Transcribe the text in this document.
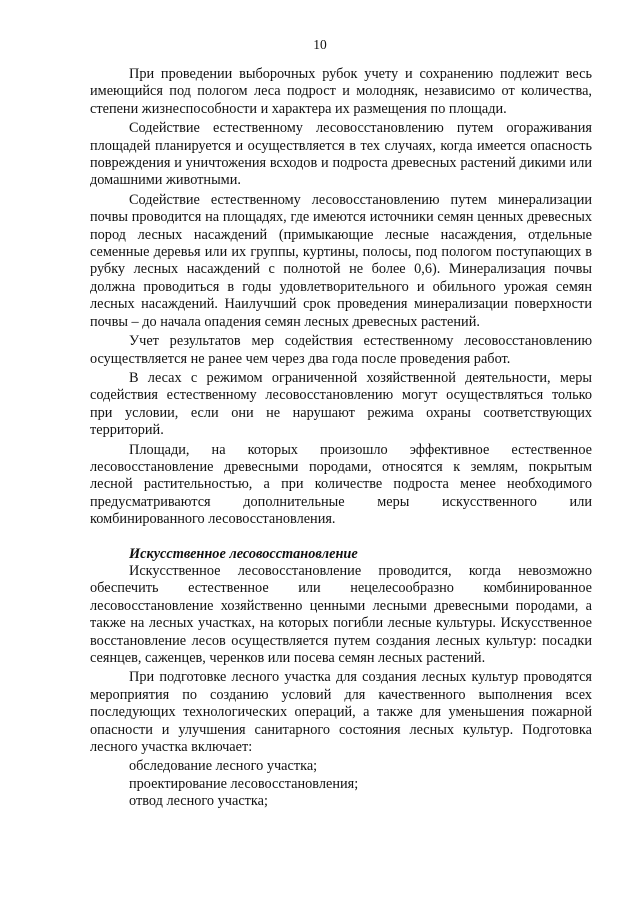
10

При проведении выборочных рубок учету и сохранению подлежит весь имеющийся под пологом леса подрост и молодняк, независимо от количества, степени жизнеспособности и характера их размещения по площади.

Содействие естественному лесовосстановлению путем огораживания площадей планируется и осуществляется в тех случаях, когда имеется опасность повреждения и уничтожения всходов и подроста древесных растений дикими или домашними животными.

Содействие естественному лесовосстановлению путем минерализации почвы проводится на площадях, где имеются источники семян ценных древесных пород лесных насаждений (примыкающие лесные насаждения, отдельные семенные деревья или их группы, куртины, полосы, под пологом поступающих в рубку лесных насаждений с полнотой не более 0,6). Минерализация почвы должна проводиться в годы удовлетворительного и обильного урожая семян лесных насаждений. Наилучший срок проведения минерализации поверхности почвы – до начала опадения семян лесных древесных растений.

Учет результатов мер содействия естественному лесовосстановлению осуществляется не ранее чем через два года после проведения работ.

В лесах с режимом ограниченной хозяйственной деятельности, меры содействия естественному лесовосстановлению могут осуществляться только при условии, если они не нарушают режима охраны соответствующих территорий.

Площади, на которых произошло эффективное естественное лесовосстановление древесными породами, относятся к землям, покрытым лесной растительностью, а при количестве подроста менее необходимого предусматриваются дополнительные меры искусственного или комбинированного лесовосстановления.

Искусственное лесовосстановление

Искусственное лесовосстановление проводится, когда невозможно обеспечить естественное или нецелесообразно комбинированное лесовосстановление хозяйственно ценными лесными древесными породами, а также на лесных участках, на которых погибли лесные культуры. Искусственное восстановление лесов осуществляется путем создания лесных культур: посадки сеянцев, саженцев, черенков или посева семян лесных растений.

При подготовке лесного участка для создания лесных культур проводятся мероприятия по созданию условий для качественного выполнения всех последующих технологических операций, а также для уменьшения пожарной опасности и улучшения санитарного состояния лесных культур. Подготовка лесного участка включает:

обследование лесного участка;

проектирование лесовосстановления;

отвод лесного участка;
